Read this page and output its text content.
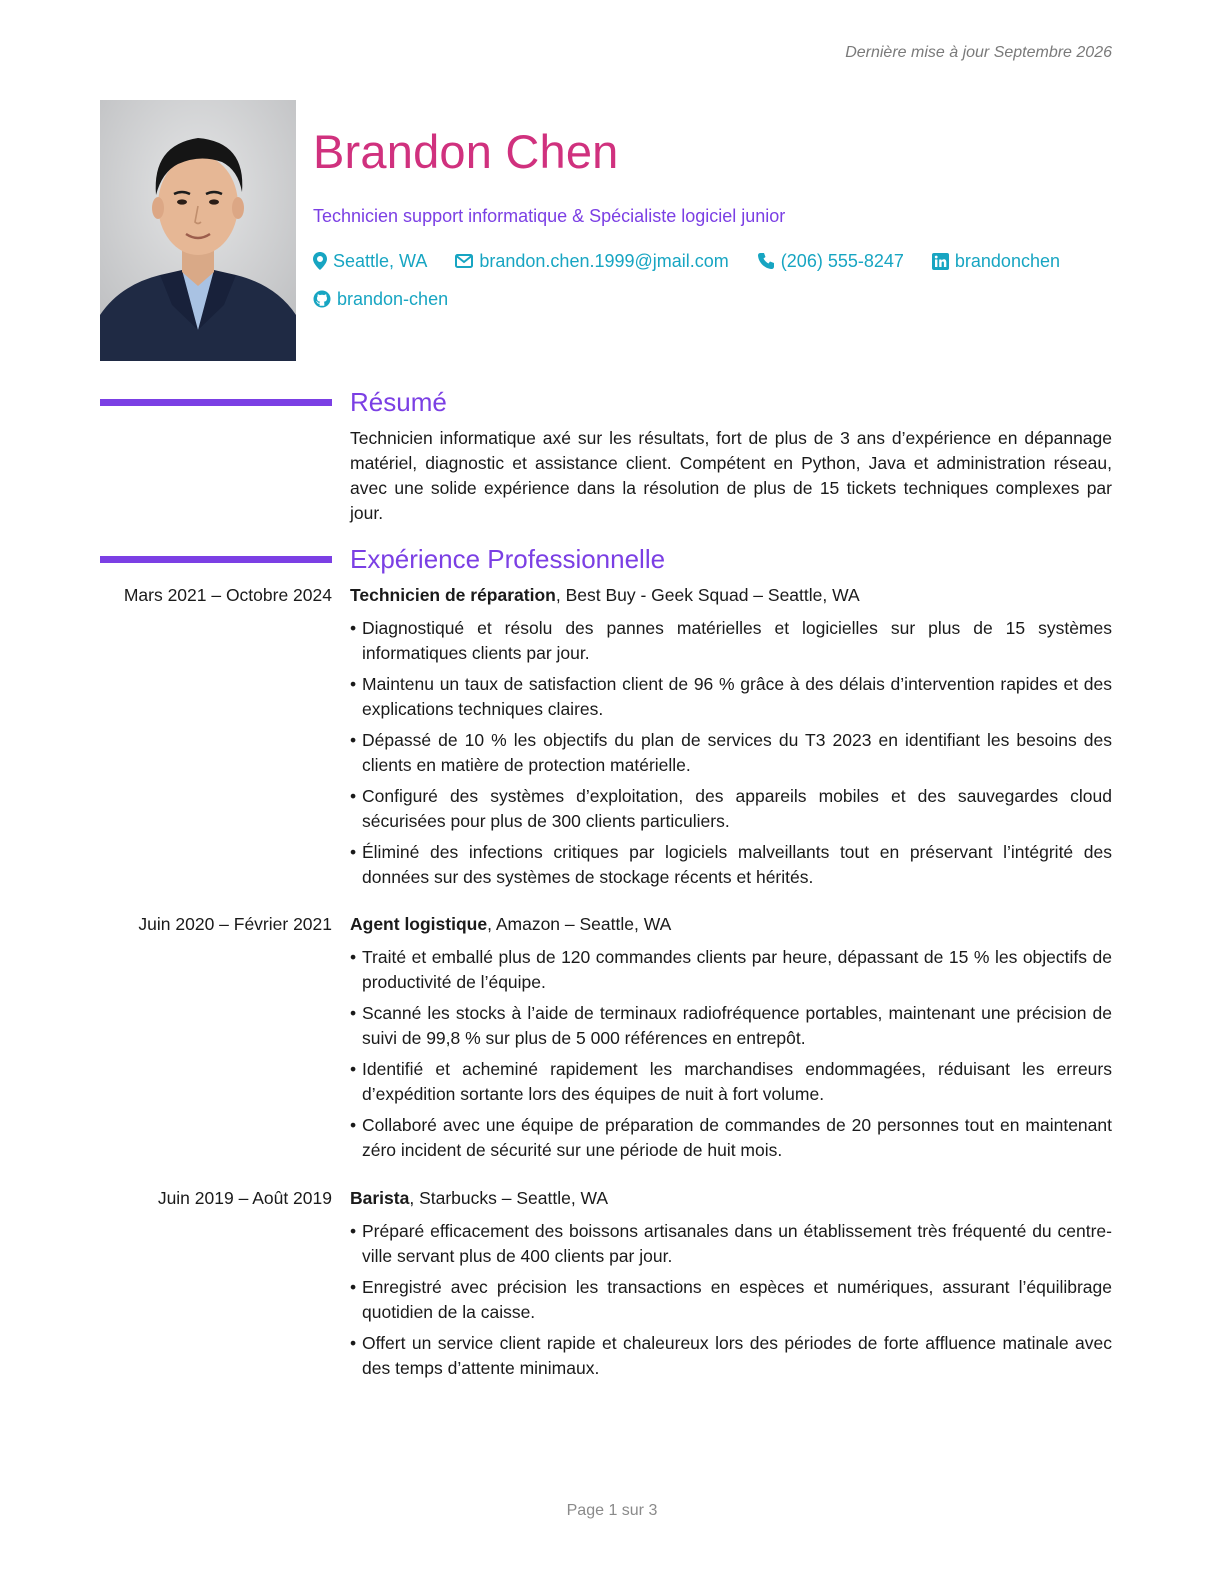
Dernière mise à jour Septembre 2026
Brandon Chen
Technicien support informatique & Spécialiste logiciel junior
Seattle, WA	brandon.chen.1999@jmail.com	(206) 555-8247	brandonchen
brandon-chen
Résumé

Technicien informatique axé sur les résultats, fort de plus de 3 ans d’expérience en dépannage matériel, diagnostic et assistance client. Compétent en Python, Java et administration réseau, avec une solide expérience dans la résolution de plus de 15 tickets techniques complexes par jour.

Expérience Professionnelle
Mars 2021 – Octobre 2024 Technicien de réparation, Best Buy - Geek Squad – Seattle, WA
• Diagnostiqué et résolu des pannes matérielles et logicielles sur plus de 15 systèmes informatiques clients par jour.
• Maintenu un taux de satisfaction client de 96 % grâce à des délais d’intervention rapides et des explications techniques claires.
• Dépassé de 10 % les objectifs du plan de services du T3 2023 en identifiant les besoins des clients en matière de protection matérielle.
• Configuré des systèmes d’exploitation, des appareils mobiles et des sauvegardes cloud sécurisées pour plus de 300 clients particuliers.
• Éliminé des infections critiques par logiciels malveillants tout en préservant l’intégrité des données sur des systèmes de stockage récents et hérités.
Juin 2020 – Février 2021 Agent logistique, Amazon – Seattle, WA
• Traité et emballé plus de 120 commandes clients par heure, dépassant de 15 % les objectifs de productivité de l’équipe.
• Scanné les stocks à l’aide de terminaux radiofréquence portables, maintenant une précision de suivi de 99,8 % sur plus de 5 000 références en entrepôt.
• Identifié et acheminé rapidement les marchandises endommagées, réduisant les erreurs d’expédition sortante lors des équipes de nuit à fort volume.
• Collaboré avec une équipe de préparation de commandes de 20 personnes tout en maintenant zéro incident de sécurité sur une période de huit mois.
Juin 2019 – Août 2019 Barista, Starbucks – Seattle, WA
• Préparé efficacement des boissons artisanales dans un établissement très fréquenté du centre-ville servant plus de 400 clients par jour.
• Enregistré avec précision les transactions en espèces et numériques, assurant l’équilibrage quotidien de la caisse.
• Offert un service client rapide et chaleureux lors des périodes de forte affluence matinale avec des temps d’attente minimaux.
Page 1 sur 3
